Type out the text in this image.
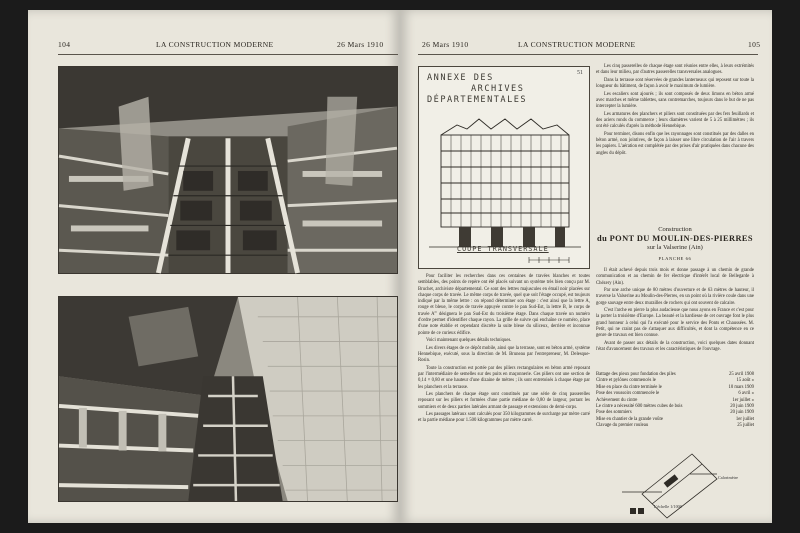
104	LA CONSTRUCTION MODERNE	26 Mars 1910	26 Mars 1910	LA CONSTRUCTION MODERNE	105
ANNEXE DES
ARCHIVES
DÉPARTEMENTALES
51
COUPE TRANSVERSALE

Pour faciliter les recherches dans ces centaines de travées blanches et toutes semblables, des points de repère ont été placés suivant un système très bien conçu par M. Bruchet, archiviste départemental. Ce sont des lettres majuscules en émail noir placées sur chaque corps de travée. Le même corps de travée, quel que soit l'étage occupé, est toujours indiqué par la même lettre : on répond déterminer son étage : c'est ainsi que la lettre A, rouge et bleue, le corps de travée appuyée contre le pan Sud-Est, la lettre B, le corps de travée A''' désignera le pan Sud-Est du troisième étage. Dans chaque travée un numéro d'ordre permet d'identifier chaque rayon. La grille de suivre qui enchaîne ce numéro, place d'une note établie et cependant discrète la suite bleue du siliceux, derrière et inconnue pointe de ce curieux édifice.

Voici maintenant quelques détails techniques.

Les divers étages de ce dépôt mobile, ainsi que la terrasse, sont en béton armé, système Hennebique, exécuté, sous la direction de M. Bruneau par l'entrepreneur, M. Delesque-Rosin.

Toute la construction est portée par des piliers rectangulaires en béton armé reposant par l'intermédiaire de semelles sur des puits en maçonnerie. Ces piliers ont une section de 0,14 × 0,80 et une hauteur d'une dizaine de mètres ; ils sont entretoisés à chaque étage par les planchers et la terrasse.

Les planchers de chaque étage sont constitués par une série de cinq passerelles reposant sur les piliers et formées d'une partie médiane de 0,80 de largeur, portant les sommiers et de deux parties latérales armant de passage et extensions de demi-corps.

Les passages latéraux sont calculés pour 350 kilogrammes de surcharge par mètre carré et la partie médiane pour 1.500 kilogrammes par mètre carré.

Les cinq passerelles de chaque étage sont réunies entre elles, à leurs extrémités et dans leur milieu, par d'autres passerelles transversales analogues.

Dans la terrasse sont réservées de grandes lanterneaux qui reposent sur toute la longueur du bâtiment, de façon à avoir le maximum de lumière.

Les escaliers sont ajourés ; ils sont composés de deux limons en béton armé avec marches et même tablettes, sans contremarches, toujours dans le but de ne pas intercepter la lumière.

Les armatures des planchers et piliers sont constituées par des fers feuillards et des aciers ronds du commerce ; leurs diamètres varient de 5 à 25 millimètres ; ils ont été calculés d'après la méthode Hennebique.

Pour terminer, disons enfin que les rayonnages sont constitués par des dalles en béton armé, non jointives, de façon à laisser une libre circulation de l'air à travers les papiers. L'aération est complétée par des prises d'air pratiquées dans chacune des angles du dépôt.

Construction
du PONT DU MOULIN-DES-PIERRES
sur la Valserine (Ain)
PLANCHE 66

Il était achevé depuis trois mois et donne passage à un chemin de grande communication et au chemin de fer électrique d'intérêt local de Bellegarde à Chézery (Ain).

Par une arche unique de 80 mètres d'ouverture et de 63 mètres de hauteur, il traverse la Valserine au Moulin-des-Pierres, en un point où la rivière coule dans une gorge sauvage entre deux murailles de rochers qui ont souvent de calcaire.

C'est l'arche en pierre la plus audacieuse que nous ayons en France et c'est pour la porter la troisième d'Europe. La beauté et la hardiesse de cet ouvrage font le plus grand honneur à celui qui l'a exécuté pour le service des Ponts et Chaussées. M. Petit, qui ne craint pas de s'attaquer aux difficultés, et dont la compétence en ce genre de travaux est bien connue.

Avant de passer aux détails de la construction, voici quelques dates donnant l'état d'avancement des travaux et les caractéristiques de l'ouvrage.

Battage des pieux pour fondation des piles	25 avril 1908
Cintre et pylônes commencés le	15 août »
Mise en place du cintre terminée le	10 mars 1909
Pose des voussoirs commencée le	6 avril »
Achèvement du cintre	1er juillet »
Le cintre a nécessité 600 mètres cubes de bois	20 juin 1909
Pose des sommiers	20 juin 1909
Mise en chantier de la grande voûte	1er juillet
Clavage du premier rouleau	25 juillet
L'échelle 1/1000
Calorimètre
